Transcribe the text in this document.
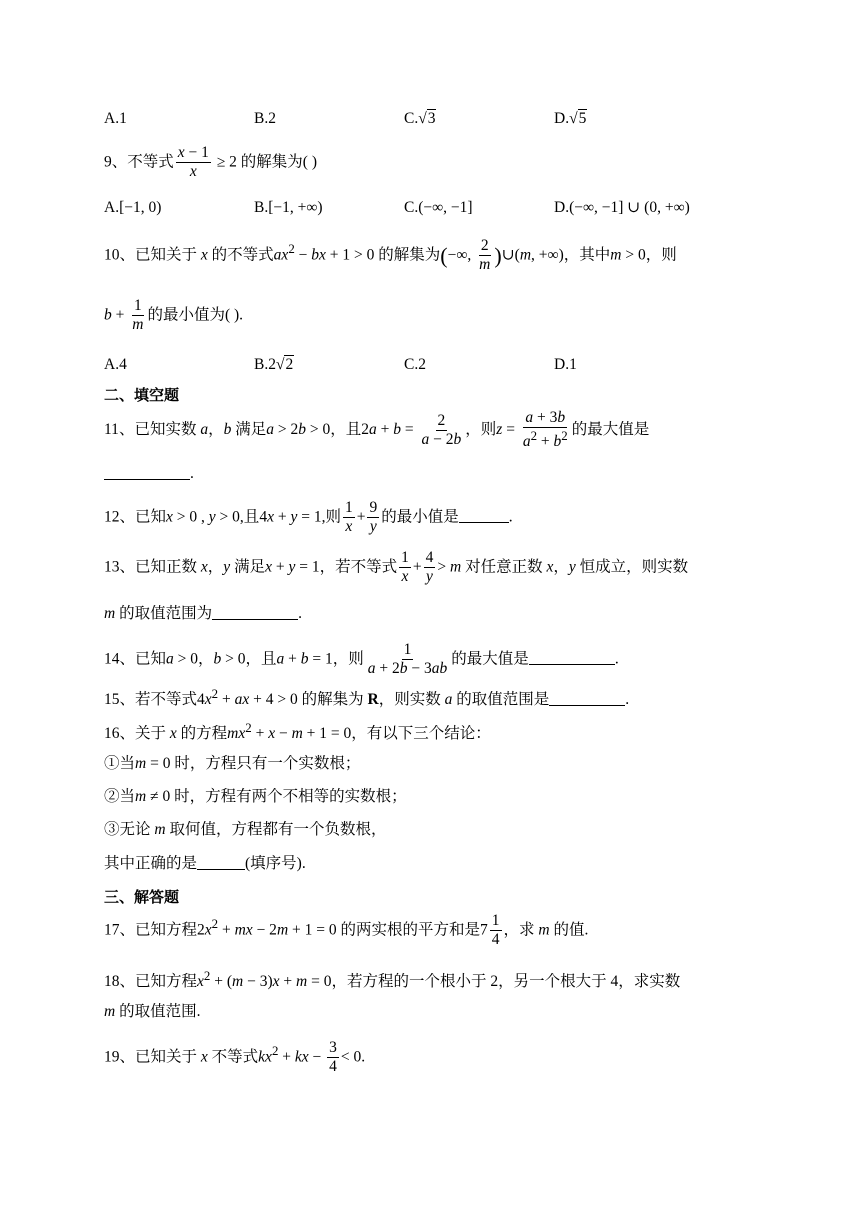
A.1	B.2	C.√3	D.√5
9、不等式 $\frac{x - 1}{x} \ge 2$ 的解集为( )
A.[−1, 0)	B.[−1, +∞)	C.(−∞, −1]	D.(−∞, −1] ∪ (0, +∞)
10、已知关于 x 的不等式$ax^2$ − bx + 1 > 0 的解集为(−∞, $\frac{2}{m}$ )∪(m, +∞)，其中m > 0，则
$b + \frac{1}{m}$ 的最小值为( ).
A.4	B.2√2	C.2	D.1
二、填空题
11、已知实数 a，b 满足a > 2b > 0，且$2a + b = \frac{2}{a - 2b}$ ，则$z = \frac{a + 3b}{a^2 + b^2}$ 的最大值是
.
12、已知x > 0 , y > 0,且4x + y = 1,则 $\frac{1}{x} + \frac{9}{y}$ 的最小值是	.
13、已知正数 x，y 满足x + y = 1，若不等式 $\frac{1}{x} + \frac{4}{y} > m$ 对任意正数 x，y 恒成立，则实数
m 的取值范围为	.
14、已知a > 0，b > 0，且a + b = 1，则 $\frac{1}{a + 2b - 3ab}$ 的最大值是	.
15、若不等式$4x^2$ + ax + 4 > 0 的解集为 R，则实数 a 的取值范围是	.
16、关于 x 的方程$mx^2 + x - m + 1 = 0$，有以下三个结论：
①当m = 0 时，方程只有一个实数根；
②当m ≠ 0 时，方程有两个不相等的实数根；
③无论 m 取何值，方程都有一个负数根，
其中正确的是	(填序号).
三、解答题
17、已知方程$2x^2$ + mx − 2m + 1 = 0 的两实根的平方和是$7 \frac{1}{4}$ ，求 m 的值.
18、已知方程$x^2 + (m - 3)x + m = 0$，若方程的一个根小于 2，另一个根大于 4，求实数
m 的取值范围.
19、已知关于 x 不等式$kx^2$ + kx − $\frac{3}{4} < 0$.
